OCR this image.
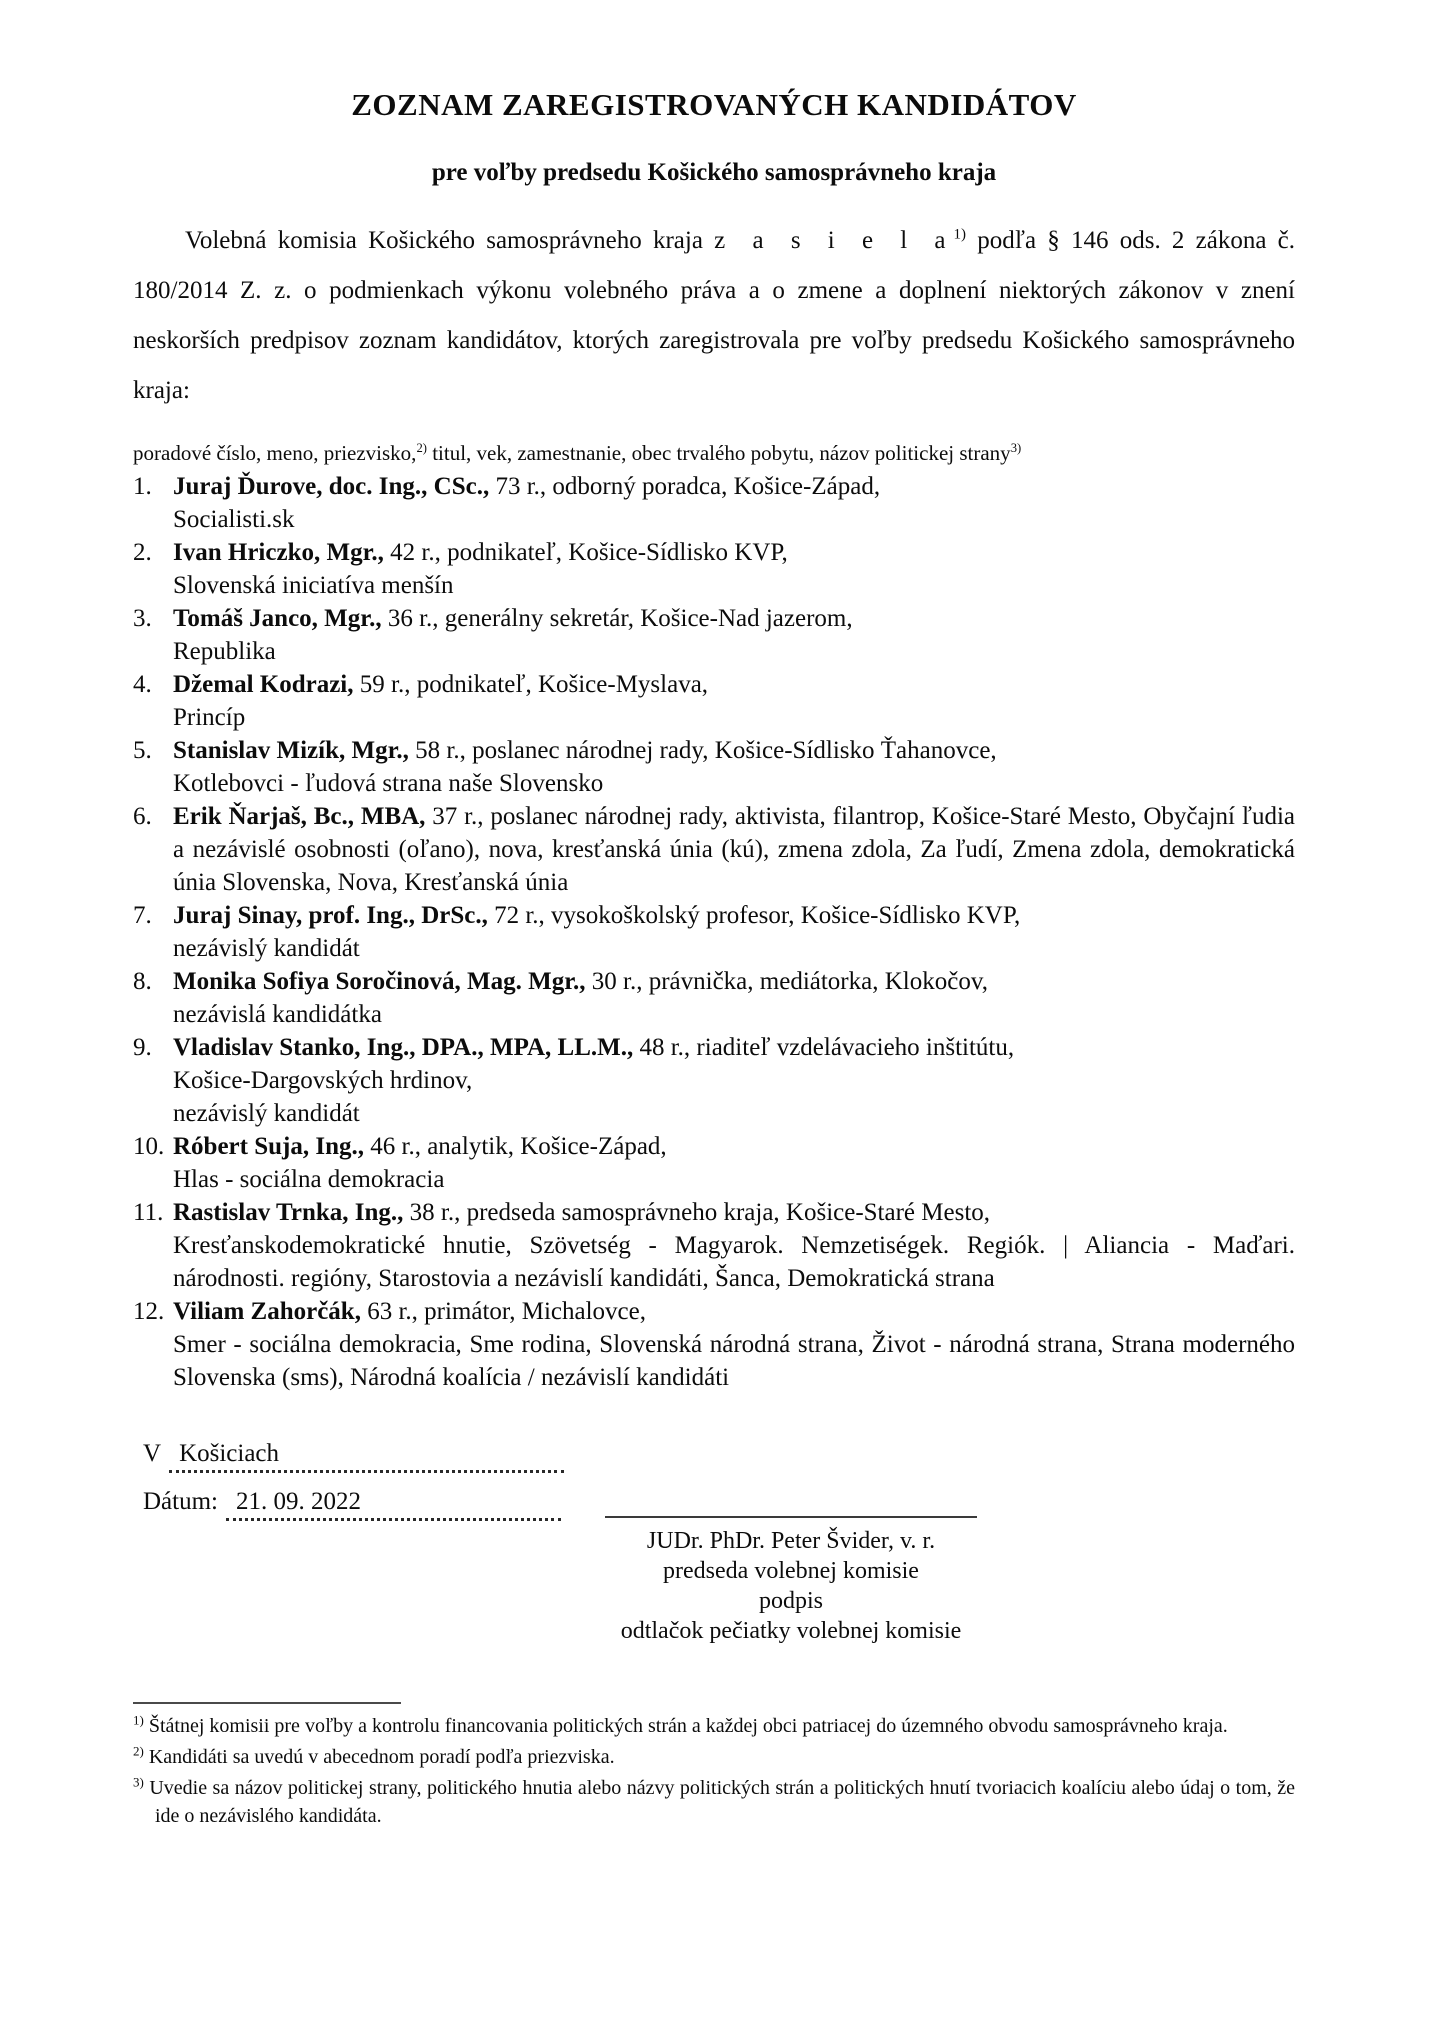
ZOZNAM ZAREGISTROVANÝCH KANDIDÁTOV
pre voľby predsedu Košického samosprávneho kraja

Volebná komisia Košického samosprávneho kraja z a s i e l $a^{1)}$ podľa § 146 ods. 2 zákona č. 180/2014 Z. z. o podmienkach výkonu volebného práva a o zmene a doplnení niektorých zákonov v znení neskorších predpisov zoznam kandidátov, ktorých zaregistrovala pre voľby predsedu Košického samosprávneho kraja:

poradové číslo, meno, priezvisko,$^{2)}$ titul, vek, zamestnanie, obec trvalého pobytu, názov politickej strany$^{3)}$

1. Juraj Ďurove, doc. Ing., CSc., 73 r., odborný poradca, Košice-Západ,
Socialisti.sk
2. Ivan Hriczko, Mgr., 42 r., podnikateľ, Košice-Sídlisko KVP,
Slovenská iniciatíva menšín
3. Tomáš Janco, Mgr., 36 r., generálny sekretár, Košice-Nad jazerom,
Republika
4. Džemal Kodrazi, 59 r., podnikateľ, Košice-Myslava,
Princíp
5. Stanislav Mizík, Mgr., 58 r., poslanec národnej rady, Košice-Sídlisko Ťahanovce,
Kotlebovci - ľudová strana naše Slovensko
6. Erik Ňarjaš, Bc., MBA, 37 r., poslanec národnej rady, aktivista, filantrop, Košice-Staré Mesto, Obyčajní ľudia a nezávislé osobnosti (oľano), nova, kresťanská únia (kú), zmena zdola, Za ľudí, Zmena zdola, demokratická únia Slovenska, Nova, Kresťanská únia
7. Juraj Sinay, prof. Ing., DrSc., 72 r., vysokoškolský profesor, Košice-Sídlisko KVP,
nezávislý kandidát
8. Monika Sofiya Soročinová, Mag. Mgr., 30 r., právnička, mediátorka, Klokočov,
nezávislá kandidátka
9. Vladislav Stanko, Ing., DPA., MPA, LL.M., 48 r., riaditeľ vzdelávacieho inštitútu,
Košice-Dargovských hrdinov,
nezávislý kandidát
10. Róbert Suja, Ing., 46 r., analytik, Košice-Západ,
Hlas - sociálna demokracia
11. Rastislav Trnka, Ing., 38 r., predseda samosprávneho kraja, Košice-Staré Mesto,
Kresťanskodemokratické hnutie, Szövetség - Magyarok. Nemzetiségek. Regiók. | Aliancia - Maďari. národnosti. regióny, Starostovia a nezávislí kandidáti, Šanca, Demokratická strana
12. Viliam Zahorčák, 63 r., primátor, Michalovce,
Smer - sociálna demokracia, Sme rodina, Slovenská národná strana, Život - národná strana, Strana moderného Slovenska (sms), Národná koalícia / nezávislí kandidáti
V Košiciach
Dátum: 21. 09. 2022
JUDr. PhDr. Peter Švider, v. r.
predseda volebnej komisie
podpis
odtlačok pečiatky volebnej komisie

$^{1)}$ Štátnej komisii pre voľby a kontrolu financovania politických strán a každej obci patriacej do územného obvodu samosprávneho kraja.

$^{2)}$ Kandidáti sa uvedú v abecednom poradí podľa priezviska.

$^{3)}$ Uvedie sa názov politickej strany, politického hnutia alebo názvy politických strán a politických hnutí tvoriacich koalíciu alebo údaj o tom, že ide o nezávislého kandidáta.
